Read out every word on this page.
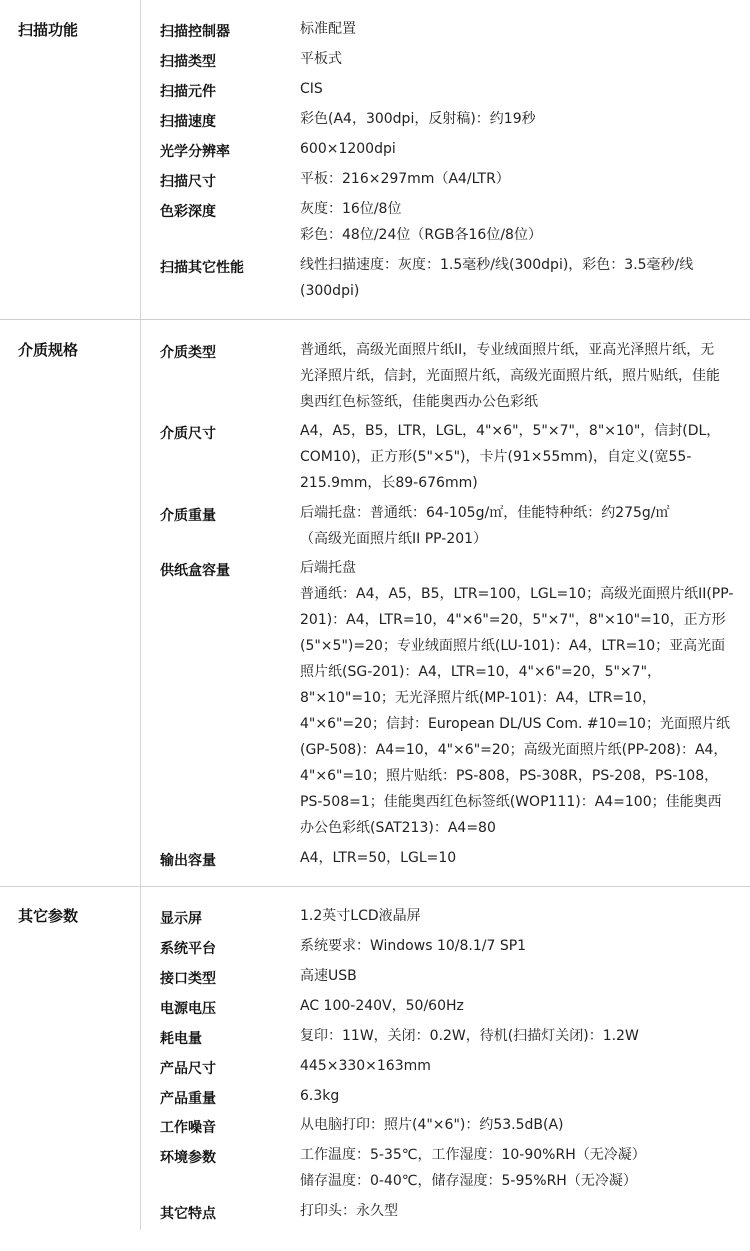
扫描功能	扫描控制器	标准配置
扫描类型	平板式
扫描元件	CIS
扫描速度	彩色(A4，300dpi，反射稿)：约19秒
光学分辨率	600×1200dpi
扫描尺寸	平板：216×297mm（A4/LTR）
色彩深度	灰度：16位/8位
彩色：48位/24位（RGB各16位/8位）
扫描其它性能	线性扫描速度：灰度：1.5毫秒/线(300dpi)，彩色：3.5毫秒/线
(300dpi)
介质规格	介质类型	普通纸，高级光面照片纸II，专业绒面照片纸，亚高光泽照片纸，无
光泽照片纸，信封，光面照片纸，高级光面照片纸，照片贴纸，佳能
奥西红色标签纸，佳能奥西办公色彩纸
介质尺寸	A4，A5，B5，LTR，LGL，4"×6"，5"×7"，8"×10"，信封(DL，
COM10)，正方形(5"×5")，卡片(91×55mm)，自定义(宽55-
215.9mm，长89-676mm)
介质重量	后端托盘：普通纸：64-105g/㎡，佳能特种纸：约275g/㎡
（高级光面照片纸II PP-201）
供纸盒容量	后端托盘
普通纸：A4，A5，B5，LTR=100，LGL=10；高级光面照片纸II(PP-
201)：A4，LTR=10，4"×6"=20，5"×7"，8"×10"=10，正方形
(5"×5")=20；专业绒面照片纸(LU-101)：A4，LTR=10；亚高光面
照片纸(SG-201)：A4，LTR=10，4"×6"=20，5"×7"，
8"×10"=10；无光泽照片纸(MP-101)：A4，LTR=10，
4"×6"=20；信封：European DL/US Com. #10=10；光面照片纸
(GP-508)：A4=10，4"×6"=20；高级光面照片纸(PP-208)：A4，
4"×6"=10；照片贴纸：PS-808，PS-308R，PS-208，PS-108，
PS-508=1；佳能奥西红色标签纸(WOP111)：A4=100；佳能奥西
办公色彩纸(SAT213)：A4=80
输出容量	A4，LTR=50，LGL=10
其它参数	显示屏	1.2英寸LCD液晶屏
系统平台	系统要求：Windows 10/8.1/7 SP1
接口类型	高速USB
电源电压	AC 100-240V，50/60Hz
耗电量	复印：11W，关闭：0.2W，待机(扫描灯关闭)：1.2W
产品尺寸	445×330×163mm
产品重量	6.3kg
工作噪音	从电脑打印：照片(4"×6")：约53.5dB(A)
环境参数	工作温度：5-35℃，工作湿度：10-90%RH（无冷凝）
储存温度：0-40℃，储存湿度：5-95%RH（无冷凝）
其它特点	打印头：永久型
